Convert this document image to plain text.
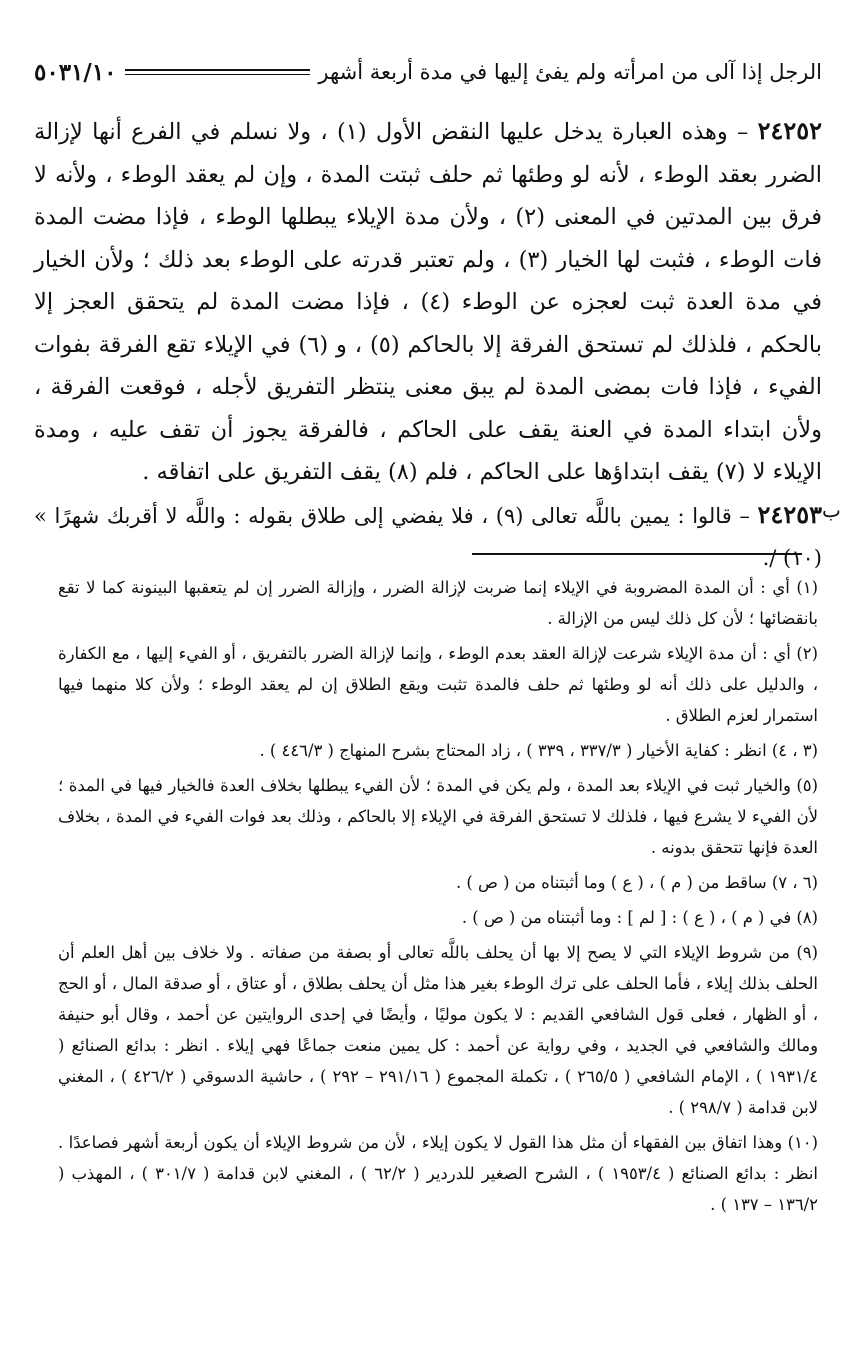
الرجل إذا آلى من امرأته ولم يفئ إليها في مدة أربعة أشهر
٥٠٣١/١٠

٢٤٢٥٢ – وهذه العبارة يدخل عليها النقض الأول (١) ، ولا نسلم في الفرع أنها لإزالة الضرر بعقد الوطء ، لأنه لو وطئها ثم حلف ثبتت المدة ، وإن لم يعقد الوطء ، ولأنه لا فرق بين المدتين في المعنى (٢) ، ولأن مدة الإيلاء يبطلها الوطء ، فإذا مضت المدة فات الوطء ، فثبت لها الخيار (٣) ، ولم تعتبر قدرته على الوطء بعد ذلك ؛ ولأن الخيار في مدة العدة ثبت لعجزه عن الوطء (٤) ، فإذا مضت المدة لم يتحقق العجز إلا بالحكم ، فلذلك لم تستحق الفرقة إلا بالحاكم (٥) ، و (٦) في الإيلاء تقع الفرقة بفوات الفيء ، فإذا فات بمضى المدة لم يبق معنى ينتظر التفريق لأجله ، فوقعت الفرقة ، ولأن ابتداء المدة في العنة يقف على الحاكم ، فالفرقة يجوز أن تقف عليه ، ومدة الإيلاء لا (٧) يقف ابتداؤها على الحاكم ، فلم (٨) يقف التفريق على اتفاقه .

٢٤٢٥٣ – قالوا : يمين باللَّه تعالى (٩) ، فلا يفضي إلى طلاق بقوله : واللَّه لا أقربك شهرًا » (١٠) /.

ب

(١) أي : أن المدة المضروبة في الإيلاء إنما ضربت لإزالة الضرر ، وإزالة الضرر إن لم يتعقبها البينونة كما لا تقع بانقضائها ؛ لأن كل ذلك ليس من الإزالة .

(٢) أي : أن مدة الإيلاء شرعت لإزالة العقد بعدم الوطء ، وإنما لإزالة الضرر بالتفريق ، أو الفيء إليها ، مع الكفارة ، والدليل على ذلك أنه لو وطئها ثم حلف فالمدة تثبت ويقع الطلاق إن لم يعقد الوطء ؛ ولأن كلا منهما فيها استمرار لعزم الطلاق .

(٣ ، ٤) انظر : كفاية الأخيار ( ٣٣٧/٣ ، ٣٣٩ ) ، زاد المحتاج بشرح المنهاج ( ٤٤٦/٣ ) .

(٥) والخيار ثبت في الإيلاء بعد المدة ، ولم يكن في المدة ؛ لأن الفيء يبطلها بخلاف العدة فالخيار فيها في المدة ؛ لأن الفيء لا يشرع فيها ، فلذلك لا تستحق الفرقة في الإيلاء إلا بالحاكم ، وذلك بعد فوات الفيء في المدة ، بخلاف العدة فإنها تتحقق بدونه .

(٦ ، ٧) ساقط من ( م ) ، ( ع ) وما أثبتناه من ( ص ) .

(٨) في ( م ) ، ( ع ) : [ لم ] : وما أثبتناه من ( ص ) .

(٩) من شروط الإيلاء التي لا يصح إلا بها أن يحلف باللَّه تعالى أو بصفة من صفاته . ولا خلاف بين أهل العلم أن الحلف بذلك إيلاء ، فأما الحلف على ترك الوطء بغير هذا مثل أن يحلف بطلاق ، أو عتاق ، أو صدقة المال ، أو الحج ، أو الظهار ، فعلى قول الشافعي القديم : لا يكون موليًا ، وأيضًا في إحدى الروايتين عن أحمد ، وقال أبو حنيفة ومالك والشافعي في الجديد ، وفي رواية عن أحمد : كل يمين منعت جماعًا فهي إيلاء . انظر : بدائع الصنائع ( ١٩٣١/٤ ) ، الإمام الشافعي ( ٢٦٥/٥ ) ، تكملة المجموع ( ٢٩١/١٦ – ٢٩٢ ) ، حاشية الدسوقي ( ٤٢٦/٢ ) ، المغني لابن قدامة ( ٢٩٨/٧ ) .

(١٠) وهذا اتفاق بين الفقهاء أن مثل هذا القول لا يكون إيلاء ، لأن من شروط الإيلاء أن يكون أربعة أشهر فصاعدًا . انظر : بدائع الصنائع ( ١٩٥٣/٤ ) ، الشرح الصغير للدردير ( ٦٢/٢ ) ، المغني لابن قدامة ( ٣٠١/٧ ) ، المهذب ( ١٣٦/٢ – ١٣٧ ) .
